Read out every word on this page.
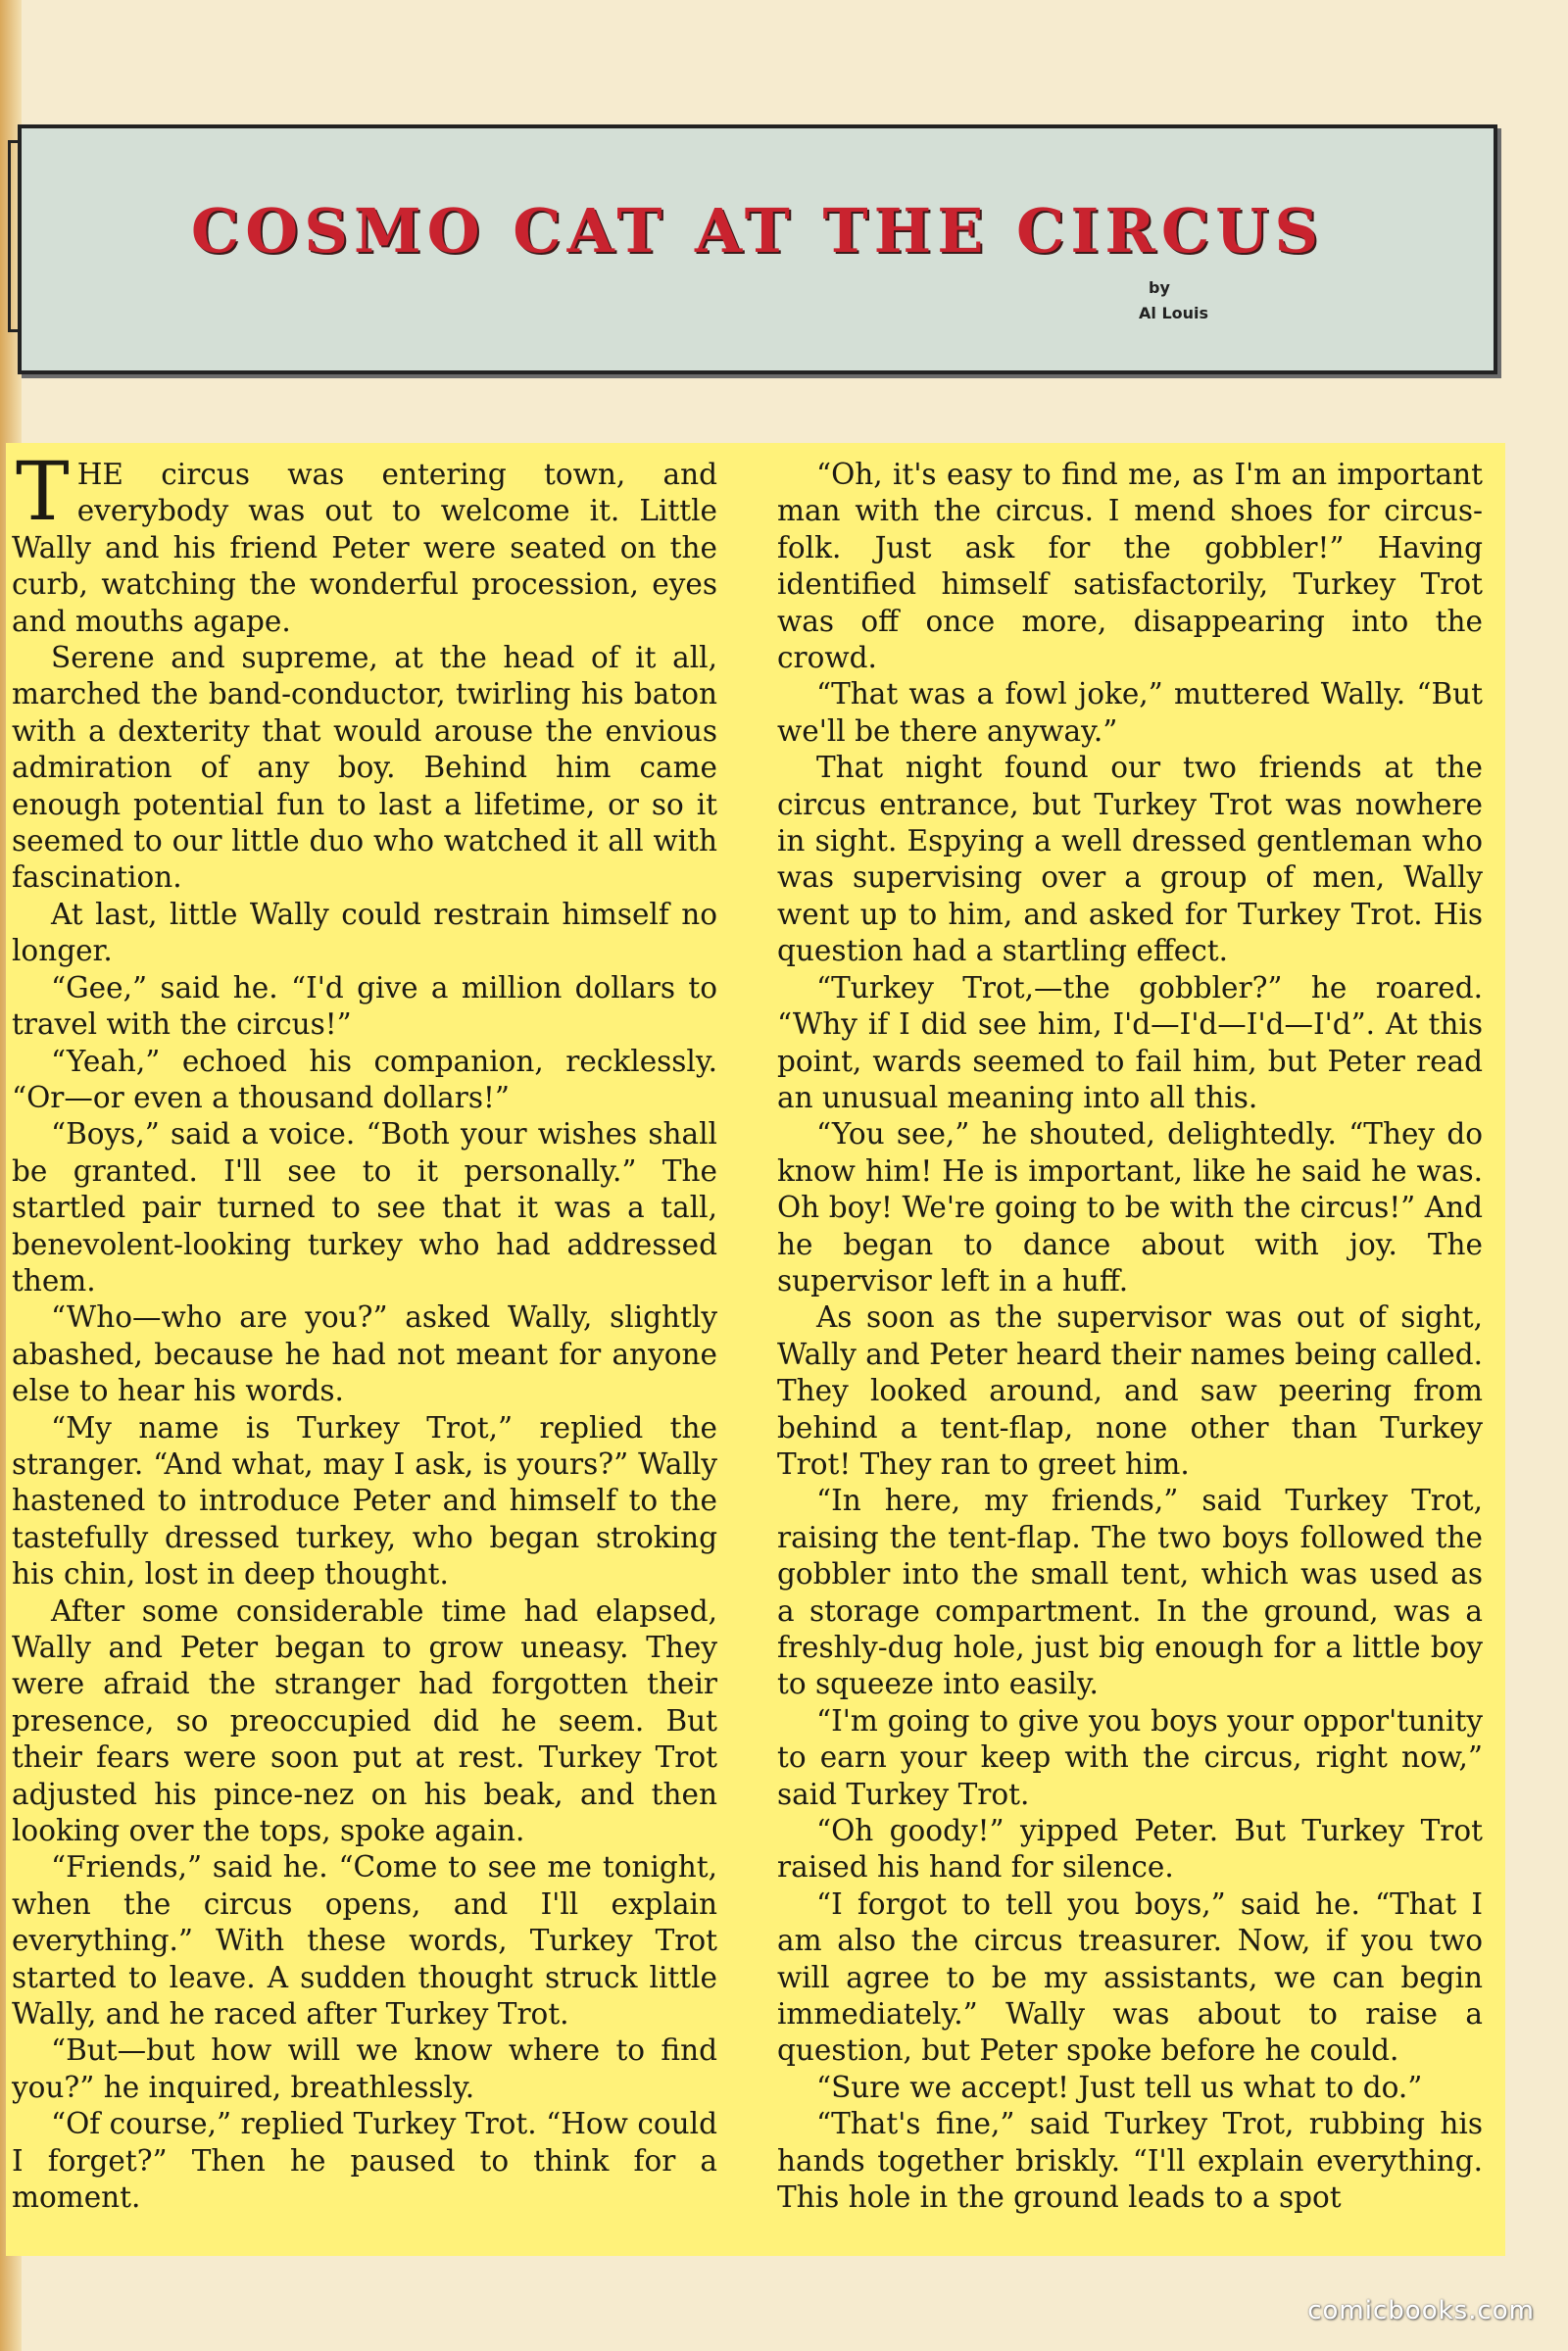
COSMO CAT AT THE CIRCUS
by
Al Louis

THE circus was entering town, and everybody was out to welcome it. Little Wally and his friend Peter were seated on the curb, watching the wonderful procession, eyes and mouths agape.

Serene and supreme, at the head of it all, marched the band-conductor, twirling his baton with a dexterity that would arouse the envious admiration of any boy. Behind him came enough potential fun to last a lifetime, or so it seemed to our little duo who watched it all with fascination.

At last, little Wally could restrain himself no longer.

“Gee,” said he. “I'd give a million dollars to travel with the circus!”

“Yeah,” echoed his companion, recklessly. “Or—or even a thousand dollars!”

“Boys,” said a voice. “Both your wishes shall be granted. I'll see to it personally.” The startled pair turned to see that it was a tall, benevolent-looking turkey who had addressed them.

“Who—who are you?” asked Wally, slightly abashed, because he had not meant for anyone else to hear his words.

“My name is Turkey Trot,” replied the stranger. “And what, may I ask, is yours?” Wally hastened to introduce Peter and himself to the tastefully dressed turkey, who began stroking his chin, lost in deep thought.

After some considerable time had elapsed, Wally and Peter began to grow uneasy. They were afraid the stranger had forgotten their presence, so preoccupied did he seem. But their fears were soon put at rest. Turkey Trot adjusted his pince-nez on his beak, and then looking over the tops, spoke again.

“Friends,” said he. “Come to see me tonight, when the circus opens, and I'll explain everything.” With these words, Turkey Trot started to leave. A sudden thought struck little Wally, and he raced after Turkey Trot.

“But—but how will we know where to find you?” he inquired, breathlessly.

“Of course,” replied Turkey Trot. “How could I forget?” Then he paused to think for a moment.

“Oh, it's easy to find me, as I'm an important man with the circus. I mend shoes for circus-folk. Just ask for the gobbler!” Having identified himself satisfactorily, Turkey Trot was off once more, disappearing into the crowd.

“That was a fowl joke,” muttered Wally. “But we'll be there anyway.”

That night found our two friends at the circus entrance, but Turkey Trot was nowhere in sight. Espying a well dressed gentleman who was supervising over a group of men, Wally went up to him, and asked for Turkey Trot. His question had a startling effect.

“Turkey Trot,—the gobbler?” he roared. “Why if I did see him, I'd—I'd—I'd—I'd”. At this point, wards seemed to fail him, but Peter read an unusual meaning into all this.

“You see,” he shouted, delightedly. “They do know him! He is important, like he said he was. Oh boy! We're going to be with the circus!” And he began to dance about with joy. The supervisor left in a huff.

As soon as the supervisor was out of sight, Wally and Peter heard their names being called. They looked around, and saw peering from behind a tent-flap, none other than Turkey Trot! They ran to greet him.

“In here, my friends,” said Turkey Trot, raising the tent-flap. The two boys followed the gobbler into the small tent, which was used as a storage compartment. In the ground, was a freshly-dug hole, just big enough for a little boy to squeeze into easily.

“I'm going to give you boys your oppor'tunity to earn your keep with the circus, right now,” said Turkey Trot.

“Oh goody!” yipped Peter. But Turkey Trot raised his hand for silence.

“I forgot to tell you boys,” said he. “That I am also the circus treasurer. Now, if you two will agree to be my assistants, we can begin immediately.” Wally was about to raise a question, but Peter spoke before he could.

“Sure we accept! Just tell us what to do.”

“That's fine,” said Turkey Trot, rubbing his hands together briskly. “I'll explain everything. This hole in the ground leads to a spot

comicbooks.com
